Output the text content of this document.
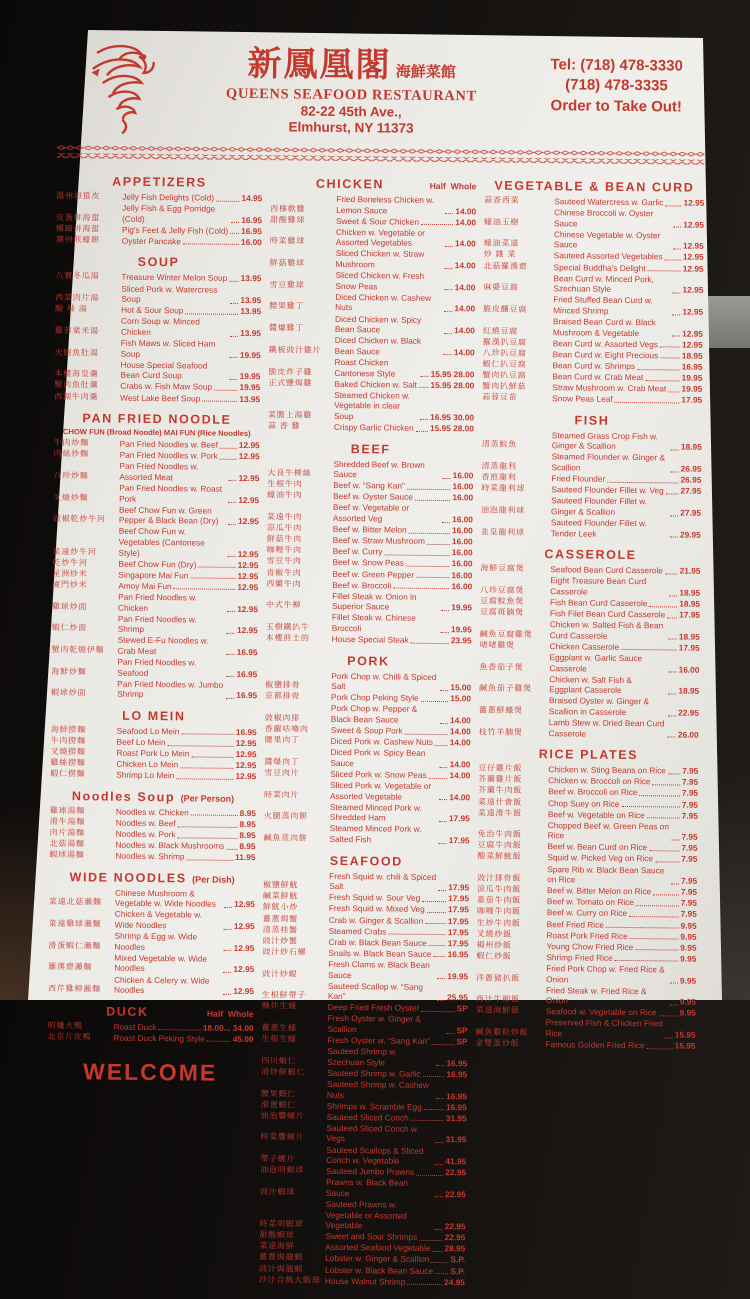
新鳳凰閣 海鮮菜館
QUEENS SEAFOOD RESTAURANT
82-22 45th Ave.,
Elmhurst, NY 11373
Tel: (718) 478-3330
(718) 478-3335
Order to Take Out!
APPETIZERS
溫州海蜇皮	Jelly Fish Delights (Cold)	14.95
皮蛋拼海蜇
Jelly Fish & Egg Porridge (Cold)	16.95
燻蹄拼海蜇	Pig's Feet & Jelly Fish (Cold) 16.95
潮州煎蠔餅	Oyster Pancake	16.00
SOUP
八寶冬瓜湯	Treasure Winter Melon Soup 13.95
西菜肉片湯
Sliced Pork w. Watercress Soup	13.95
酸 辣 湯	Hot & Sour Soup	13.95
雞蓉粟米湯
Corn Soup w. Minced Chicken	13.95
火腿魚肚湯
Fish Maws w. Sliced Ham Soup	19.95
本樓海皇羹
House Special Seafood Bean Curd Soup	19.95
蟹肉魚肚羹	Crabs w. Fish Maw Soup	19.95
西湖牛肉羹	West Lake Beef Soup	13.95
PAN FRIED NOODLE
CHOW FUN (Broad Noodle) MAI FUN (Rice Noodles)
牛肉炒麵	Pan Fried Noodles w. Beef	12.95
肉絲炒麵	Pan Fried Noodles w. Pork	12.95
八珍炒麵
Pan Fried Noodles w. Assorted Meat	12.95
叉燒炒麵
Pan Fried Noodles w. Roast Pork	12.95
豉椒乾炒牛河
Beef Chow Fun w. Green Pepper & Black Bean (Dry)	12.95
菜遠炒牛河
Beef Chow Fun w. Vegetables (Cantonese Style)	12.95
乾炒牛河	Beef Chow Fun (Dry)	12.95
星洲炒米	Singapore Mai Fun	12.95
廈門炒米	Amoy Mai Fun	12.95
雞球炒面
Pan Fried Noodles w. Chicken	12.95
蝦仁炒面
Pan Fried Noodles w. Shrimp	12.95
蟹肉乾燒伊麵
Stewed E-Fu Noodles w. Crab Meat	16.95
海鮮炒麵
Pan Fried Noodles w. Seafood	16.95
蝦球炒面
Pan Fried Noodles w. Jumbo Shrimp	16.95
LO MEIN
海鮮撈麵	Seafood Lo Mein	16.95
牛肉撈麵	Beef Lo Mein	12.95
叉燒撈麵	Roast Pork Lo Mein	12.95
雞絲撈麵	Chicken Lo Mein	12.95
蝦仁撈麵	Shrimp Lo Mein	12.95
Noodles Soup (Per Person)
雞球湯麵	Noodles w. Chicken	8.95
滑牛湯麵	Noodles w. Beef	8.95
肉片湯麵	Noodles w. Pork	8.95
北菇湯麵	Noodles w. Black Mushrooms 8.95
蝦球湯麵	Noodles w. Shrimp	11.95
WIDE NOODLES (Per Dish)
菜遠北菇瀨麵
Chinese Mushroom & Vegetable w. Wide Noodles	12.95
菜遠雞球瀨麵
Chicken & Vegetable w. Wide Noodles	12.95
滑蛋蝦仁瀨麵
Shrimp & Egg w. Wide Noodles	12.95
羅漢齋瀨麵
Mixed Vegetable w. Wide Noodles	12.95
西芹雞柳瀨麵
Chicken & Celery w. Wide Noodles	12.95
DUCK	Half  Whole
明爐火鴨	Roast Duck	18.00... 34.00
北京片皮鴨	Roast Duck Peking Style	45.00
WELCOME
CHICKEN	Half  Whole
西檸軟雞
Fried Boneless Chicken w. Lemon Sauce	14.00
甜酸雞球	Sweet & Sour Chicken	14.00
時菜雞球
Chicken w. Vegetable or Assorted Vegetables	14.00
鮮菇雞球
Sliced Chicken w. Straw Mushroom	14.00
雪豆雞球
Sliced Chicken w. Fresh Snow Peas	14.00
腰果雞丁
Diced Chicken w. Cashew Nuts	14.00
醬爆雞丁
Diced Chicken w. Spicy Bean Sauce	14.00
鐵板豉汁雞片
Diced Chicken w. Black Bean Sauce	14.00
脆皮炸子雞
Roast Chicken Cantonese Style	15.95 28.00
正式鹽焗雞	Baked Chicken w. Salt 15.95 28.00
菜膽上湯雞
Steamed Chicken w. Vegetable in clear Soup	16.95 30.00
蒜 香 雞	Crispy Garlic Chicken 15.95 28.00
BEEF
大良牛柳絲
Shredded Beef w. Brown Sauce	16.00
生根牛肉	Beef w. “Sang Kan”	16.00
蠔油牛肉	Beef w. Oyster Sauce	16.00
菜遠牛肉
Beef w. Vegetable or Assorted Veg	16.00
涼瓜牛肉	Beef w. Bitter Melon	16.00
鮮菇牛肉	Beef w. Straw Mushroom	16.00
咖喱牛肉	Beef w. Curry	16.00
雪豆牛肉	Beef w. Snow Peas	16.00
青椒牛肉	Beef w. Green Pepper	16.00
西蘭牛肉	Beef w. Broccoli	16.00
中式牛柳
Fillet Steak w. Onion in Superior Sauce	19.95
玉樹鐵扒牛
Fillet Steak w. Chinese Broccoli	19.95
本樓煎士的	House Special Steak	23.95
PORK
椒鹽排骨
Pork Chop w. Chilli & Spiced Salt	15.00
京都排骨	Pork Chop Peking Style	15.00
豉椒肉排
Pork Chop w. Pepper & Black Bean Sauce	14.00
香蘿咕嚕肉	Sweet & Soup Pork	14.00
腰果肉丁	Diced Pork w. Cashew Nuts 14.00
醬爆肉丁
Diced Pork w. Spicy Bean Sauce	14.00
雪豆肉片	Sliced Pork w. Snow Peas	14.00
時菜肉片
Sliced Pork w. Vegetable or Assorted Vegetable	14.00
火腿蒸肉餅
Steamed Minced Pork w. Shredded Ham	17.95
鹹魚蒸肉餅
Steamed Minced Pork w. Salted Fish	17.95
SEAFOOD
椒鹽鮮魷
Fresh Squid w. chili & Spiced Salt	17.95
鹹菜鮮魷	Fresh Squid w. Sour Veg	17.95
鮮魷小炒	Fresh Squid w. Mixed Veg	17.95
薑蔥焗蟹	Crab w. Ginger & Scallion	17.95
清蒸桂蟹	Steamed Crabs	17.95
豉汁炒蟹	Crab w. Black Bean Sauce	17.95
豉汁炒石螺	Snails w. Black Bean Sauce 16.95
豉汁炒蜆
Fresh Clams w. Black Bean Sauce	19.95
生根鮮帶子
Sauteed Scallop w. “Sang Kan”	25.95
酥炸生蠔	Deep Fried Fresh Oyster	SP
薑蔥生蠔
Fresh Oyster w. Ginger & Scallion	SP
生根生蠔	Fresh Oyster w. “Sang Kan”	SP
四川蝦仁
Sauteed Shrimp w. Szechuan Style	16.95
清炒鮮蝦仁	Sauteed Shrimp w. Garlic	16.95
腰果蝦仁
Sauteed Shrimp w. Cashew Nuts	16.95
滑蛋蝦仁	Shrimps w. Scramble Egg	16.95
油泡響螺片	Sauteed Sliced Conch	31.95
時菜響螺片
Sauteed Sliced Conch w. Vegs	31.95
帶子螺片
Sauteed Scallops & Sliced Conch w. Vegetable	41.95
油泡明蝦球	Sauteed Jumbo Prawns	22.95
豉汁蝦球
Prawns w. Black Bean Sauce	22.95
時菜明蝦球
Sauteed Prawns w. Vegetable or Assorted Vegetable	22.95
甜酸蝦球	Sweet and Sour Shrimps	22.95
菜遠海鮮	Assorted Seafood Vegetable 28.95
薑蔥焗龍蝦	Lobster w. Ginger & Scallion	S.P.
豉汁焗龍蝦	Lobster w. Black Bean Sauce S.P.
沙汁合挑大蝦球 House Walnut Shrimp	24.95
VEGETABLE & BEAN CURD
蒜香西菜	Sauteed Watercress w. Garlic 12.95
蠔油玉樹
Chinese Broccoli w. Oyster Sauce	12.95
蠔油菜遠
Chinese Vegetable w. Oyster Sauce	12.95
炒 雜 菜	Sauteed Assorted Vegetables 12.95
北菇羅漢齋	Special Buddha's Delight	12.95
麻婆豆腐
Bean Curd w. Minced Pork, Szechuan Style	12.95
脆皮釀豆腐
Fried Stuffed Bean Curd w. Minced Shrimp	12.95
紅燒豆腐
Braised Bean Curd w. Black Mushroom & Vegetable	12.95
羅漢扒豆腐	Bean Curd w. Assorted Vegs	12.95
八珍扒豆腐	Bean Curd w. Eight Precious	18.95
蝦仁扒豆腐	Bean Curd w. Shrimps	16.95
蟹肉扒豆腐	Bean Curd w. Crab Meat	19.95
蟹肉扒鮮菇	Straw Mushroom w. Crab Meat 19.95
蒜蓉豆苗	Snow Peas Leaf	17.95
FISH
清蒸鯇魚
Steamed Grass Crop Fish w. Ginger & Scallion	18.95
清蒸龍利
Steamed Flounder w. Ginger & Scallion	26.95
香煎龍利	Fried Flounder	26.95
時菜龍利球	Sauteed Flounder Fillet w. Veg 27.95
油泡龍利球
Sauteed Flounder Fillet w. Ginger & Scallion	27.95
韭皇龍利球
Sauteed Flounder Fillet w. Tender Leek	29.95
CASSEROLE
海鮮豆腐煲	Seafood Bean Curd Casserole 21.95
八珍豆腐煲
Eight Treasure Bean Curd Casserole	18.95
豆腐鯇魚煲	Fish Bean Curd Casserole	18.95
豆腐斑腩煲	Fish Filet Bean Curd Casserole 17.95
鹹魚豆腐雞煲
Chicken w. Salted Fish & Bean Curd Casserole	18.95
啫啫雞煲	Chicken Casserole	17.95
魚香茄子煲
Eggplant w. Garlic Sauce Casserole	16.00
鹹魚茄子雞煲
Chicken w. Salt Fish & Eggplant Casserole	18.95
薑蔥鮮蠔煲
Braised Oyster w. Ginger & Scallion in Casserole	22.95
枝竹羊腩煲
Lamb Stew w. Dried Bean Curd Casserole	26.00
RICE PLATES
豆仔雞片飯	Chicken w. Sting Beans on Rice 7.95
芥蘭雞片飯	Chicken w. Broccoli on Rice	7.95
芥蘭牛肉飯	Beef w. Broccoli on Rice	7.95
菜遠什會飯	Chop Suey on Rice	7.95
菜遠滑牛飯	Beef w. Vegetable on Rice	7.95
免治牛肉飯
Chopped Beef w. Green Peas on Rice	7.95
豆腐牛肉飯	Beef w. Bean Curd on Rice	7.95
酸菜鮮魷飯	Squid w. Picked Veg on Rice	7.95
豉汁排骨飯
Spare Rib w. Black Bean Sauce on Rice	7.95
涼瓜牛肉飯	Beef w. Bitter Melon on Rice	7.95
番茄牛肉飯	Beef w. Tomato on Rice	7.95
咖喱牛肉飯	Beef w. Curry on Rice	7.95
生炒牛肉飯	Beef Fried Rice	9.95
叉燒炒飯	Roast Pork Fried Rice	9.95
楊州炒飯	Young Chow Fried Rice	9.95
蝦仁炒飯	Shrimp Fried Rice	9.95
洋蔥豬扒飯
Fried Pork Chop w. Fried Rice & Onion	9.95
西汁牛柳飯
Fried Steak w. Fried Rice & Onion	9.95
菜遠海鮮飯	Seafood w. Vegetable on Rice	9.95
鹹魚雞粒炒飯
Preserved Fish & Chicken Fried Rice	15.95
金雙蛋炒飯	Famous Golden Fried Rice	15.95
